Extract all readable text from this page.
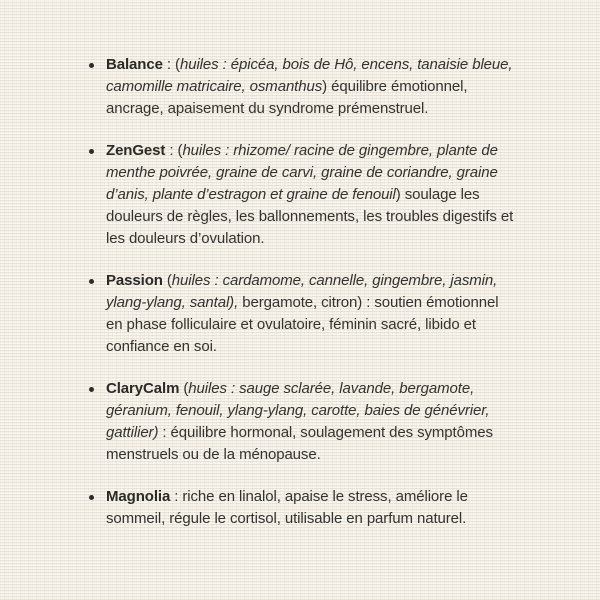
Balance : (huiles : épicéa, bois de Hô, encens, tanaisie bleue, camomille matricaire, osmanthus) équilibre émotionnel, ancrage, apaisement du syndrome prémenstruel.
ZenGest : (huiles : rhizome/ racine de gingembre, plante de menthe poivrée, graine de carvi, graine de coriandre, graine d’anis, plante d’estragon et graine de fenouil) soulage les douleurs de règles, les ballonnements, les troubles digestifs et les douleurs d’ovulation.
Passion (huiles : cardamome, cannelle, gingembre, jasmin, ylang-ylang, santal), bergamote, citron) : soutien émotionnel en phase folliculaire et ovulatoire, féminin sacré, libido et confiance en soi.
ClaryCalm (huiles : sauge sclarée, lavande, bergamote, géranium, fenouil, ylang-ylang, carotte, baies de génévrier, gattilier) : équilibre hormonal, soulagement des symptômes menstruels ou de la ménopause.
Magnolia : riche en linalol, apaise le stress, améliore le sommeil, régule le cortisol, utilisable en parfum naturel.
